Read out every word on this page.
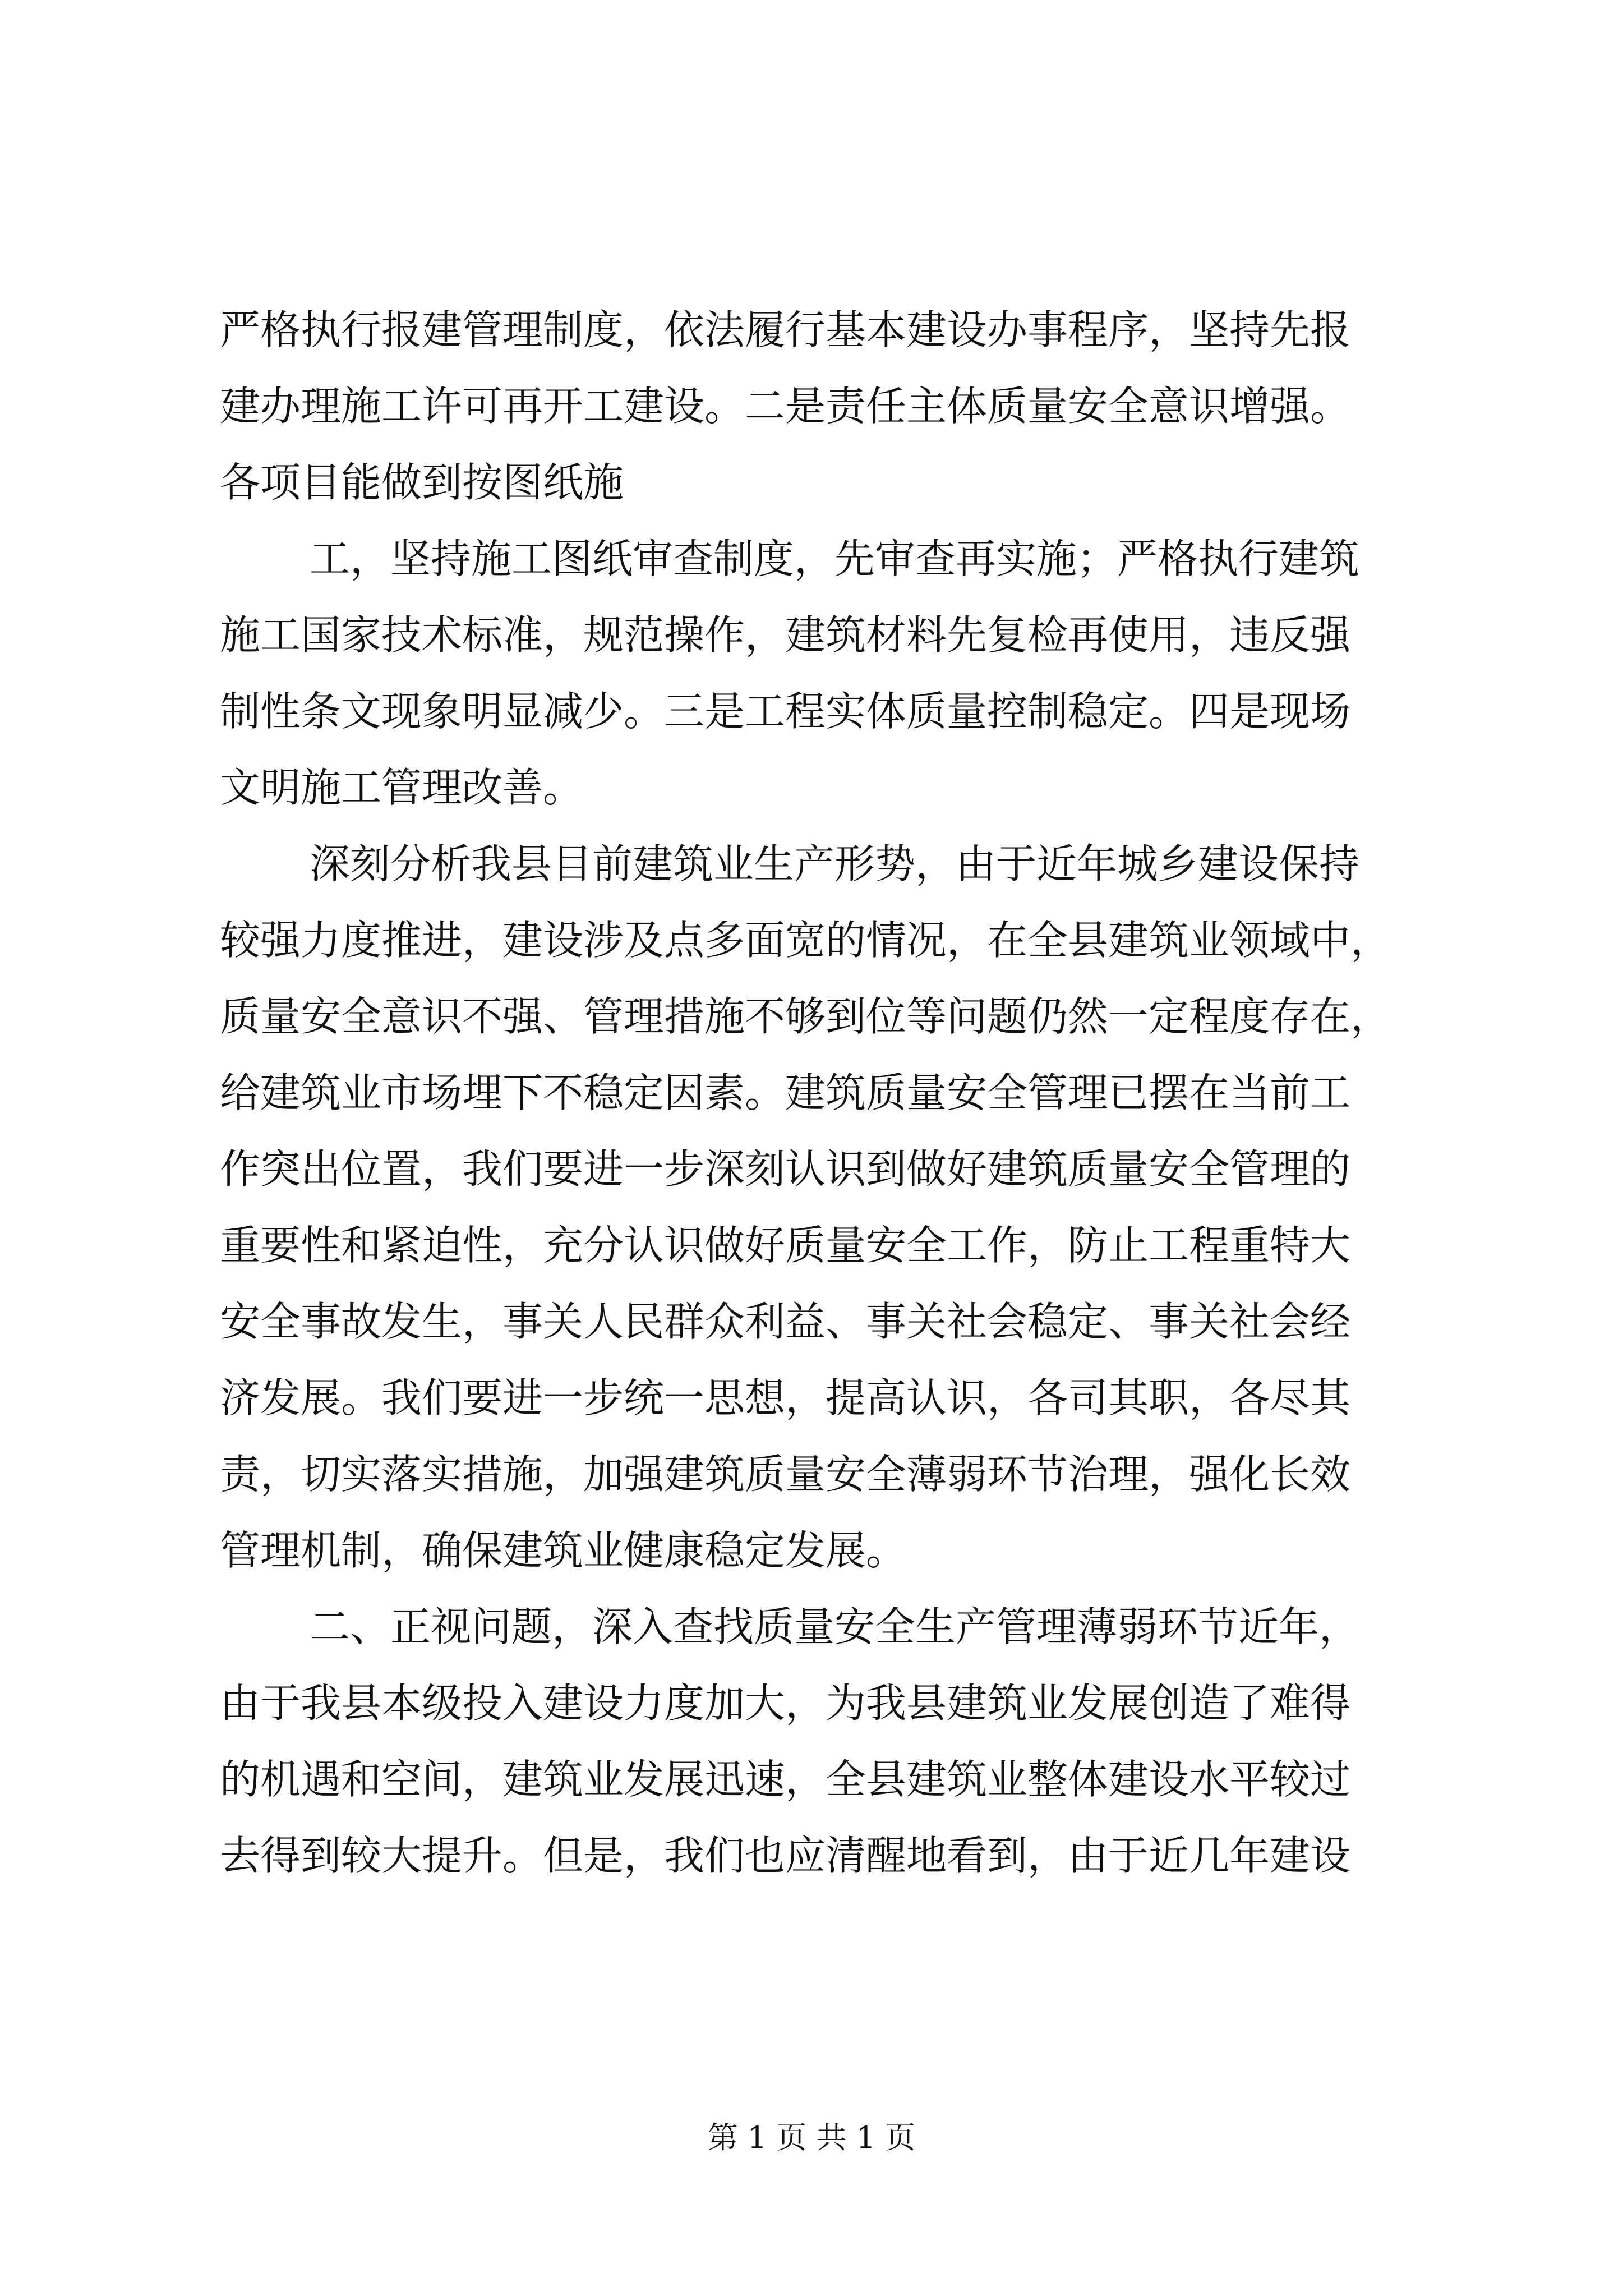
严格执行报建管理制度，依法履行基本建设办事程序，坚持先报
建办理施工许可再开工建设。二是责任主体质量安全意识增强。
各项目能做到按图纸施
工，坚持施工图纸审查制度，先审查再实施；严格执行建筑
施工国家技术标准，规范操作，建筑材料先复检再使用，违反强
制性条文现象明显减少。三是工程实体质量控制稳定。四是现场
文明施工管理改善。
深刻分析我县目前建筑业生产形势，由于近年城乡建设保持
较强力度推进，建设涉及点多面宽的情况，在全县建筑业领域中，
质量安全意识不强、管理措施不够到位等问题仍然一定程度存在，
给建筑业市场埋下不稳定因素。建筑质量安全管理已摆在当前工
作突出位置，我们要进一步深刻认识到做好建筑质量安全管理的
重要性和紧迫性，充分认识做好质量安全工作，防止工程重特大
安全事故发生，事关人民群众利益、事关社会稳定、事关社会经
济发展。我们要进一步统一思想，提高认识，各司其职，各尽其
责，切实落实措施，加强建筑质量安全薄弱环节治理，强化长效
管理机制，确保建筑业健康稳定发展。
二、正视问题，深入查找质量安全生产管理薄弱环节近年，
由于我县本级投入建设力度加大，为我县建筑业发展创造了难得
的机遇和空间，建筑业发展迅速，全县建筑业整体建设水平较过
去得到较大提升。但是，我们也应清醒地看到，由于近几年建设
第 1 页 共 1 页
